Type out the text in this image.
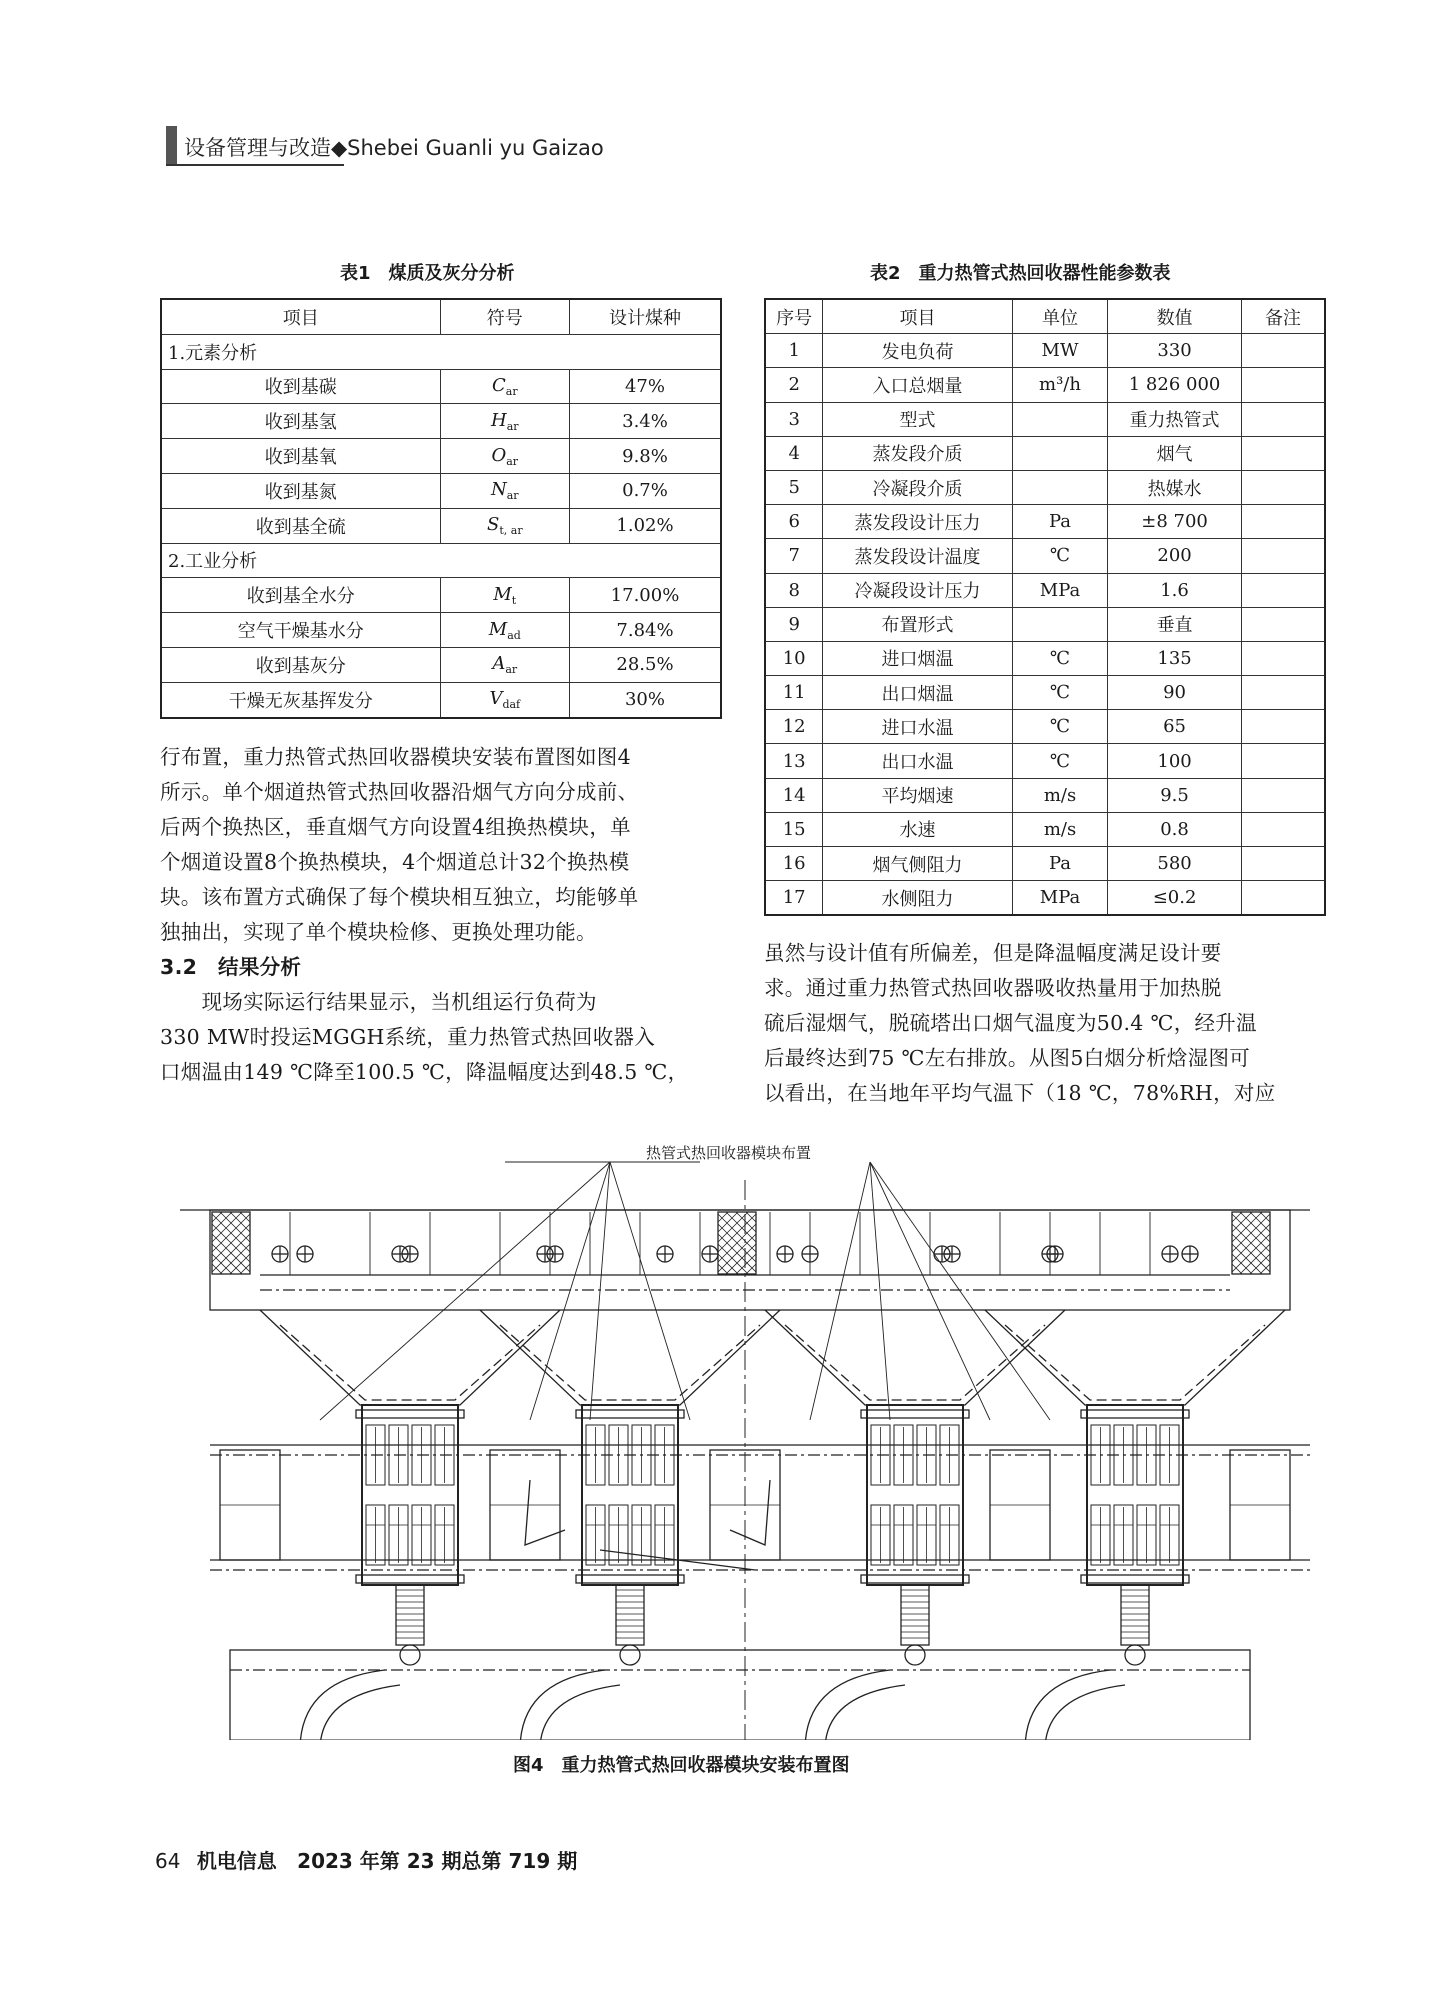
设备管理与改造◆Shebei Guanli yu Gaizao
表1　煤质及灰分分析
项目	符号	设计煤种
1.元素分析		
收到基碳	$C_{ar}$	47%
收到基氢	$H_{ar}$	3.4%
收到基氧	$O_{ar}$	9.8%
收到基氮	$N_{ar}$	0.7%
收到基全硫	$S_{t, ar}$	1.02%
2.工业分析		
收到基全水分	$M_t$	17.00%
空气干燥基水分	$M_{ad}$	7.84%
收到基灰分	$A_{ar}$	28.5%
干燥无灰基挥发分	$V_{daf}$	30%
表2　重力热管式热回收器性能参数表
序号	项目	单位	数值	备注
1	发电负荷	MW	330	
2	入口总烟量	m³/h	1 826 000	
3	型式		重力热管式	
4	蒸发段介质		烟气	
5	冷凝段介质		热媒水	
6	蒸发段设计压力	Pa	±8 700	
7	蒸发段设计温度	℃	200	
8	冷凝段设计压力	MPa	1.6	
9	布置形式		垂直	
10	进口烟温	℃	135	
11	出口烟温	℃	90	
12	进口水温	℃	65	
13	出口水温	℃	100	
14	平均烟速	m/s	9.5	
15	水速	m/s	0.8	
16	烟气侧阻力	Pa	580	
17	水侧阻力	MPa	≤0.2	

行布置，重力热管式热回收器模块安装布置图如图4

所示。单个烟道热管式热回收器沿烟气方向分成前、

后两个换热区，垂直烟气方向设置4组换热模块，单

个烟道设置8个换热模块，4个烟道总计32个换热模

块。该布置方式确保了每个模块相互独立，均能够单

独抽出，实现了单个模块检修、更换处理功能。

3.2　结果分析

　　现场实际运行结果显示，当机组运行负荷为

330 MW时投运MGGH系统，重力热管式热回收器入

口烟温由149 ℃降至100.5 ℃，降温幅度达到48.5 ℃，

虽然与设计值有所偏差，但是降温幅度满足设计要

求。通过重力热管式热回收器吸收热量用于加热脱

硫后湿烟气，脱硫塔出口烟气温度为50.4 ℃，经升温

后最终达到75 ℃左右排放。从图5白烟分析焓湿图可

以看出，在当地年平均气温下（18 ℃，78%RH，对应

热管式热回收器模块布置
图4　重力热管式热回收器模块安装布置图
64 机电信息 2023 年第 23 期总第 719 期
